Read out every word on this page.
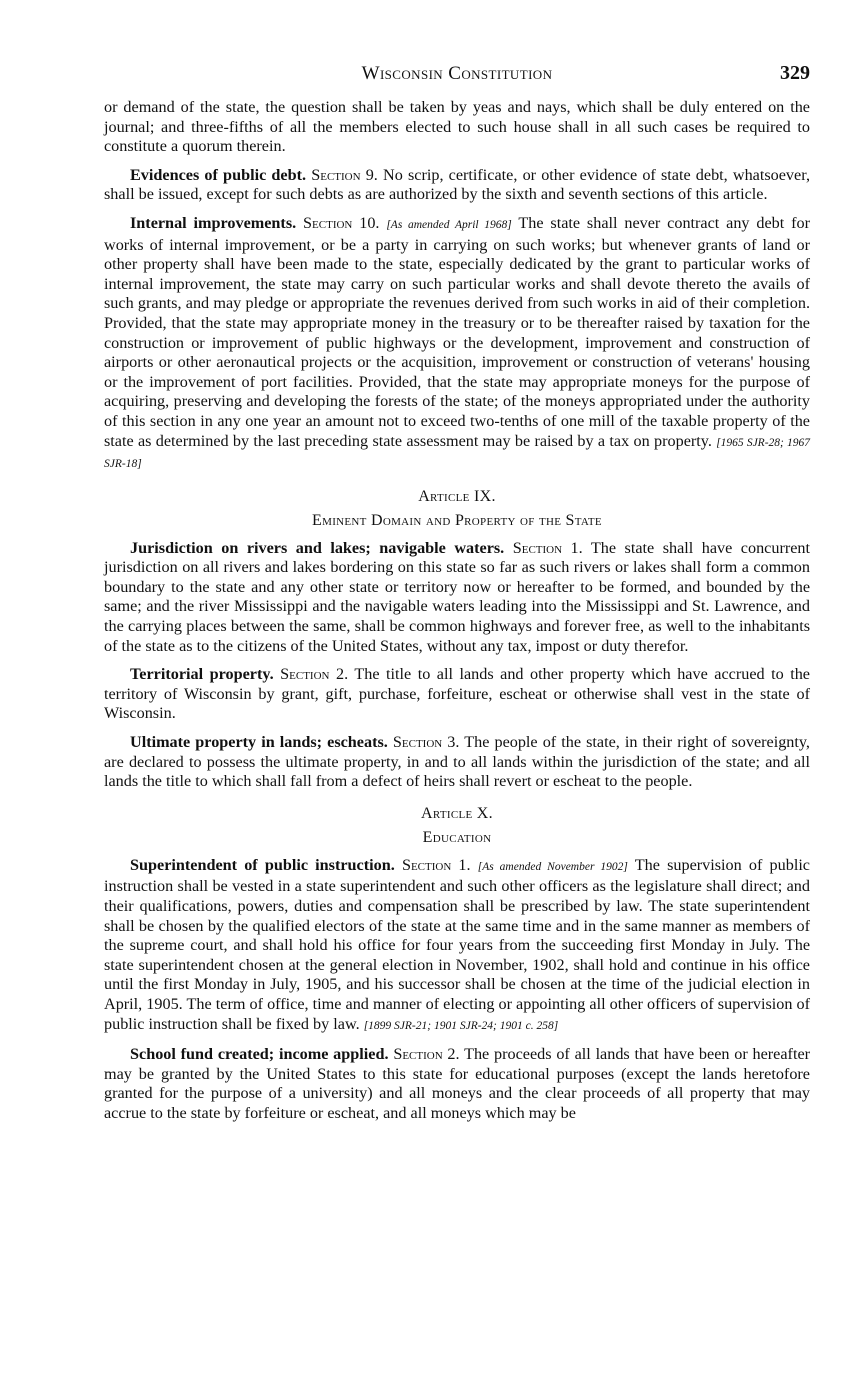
Wisconsin Constitution	329

or demand of the state, the question shall be taken by yeas and nays, which shall be duly entered on the journal; and three-fifths of all the members elected to such house shall in all such cases be required to constitute a quorum therein.

Evidences of public debt. Section 9. No scrip, certificate, or other evidence of state debt, whatsoever, shall be issued, except for such debts as are authorized by the sixth and seventh sections of this article.

Internal improvements. Section 10. [As amended April 1968] The state shall never contract any debt for works of internal improvement, or be a party in carrying on such works; but whenever grants of land or other property shall have been made to the state, especially dedicated by the grant to particular works of internal improvement, the state may carry on such particular works and shall devote thereto the avails of such grants, and may pledge or appropriate the revenues derived from such works in aid of their completion. Provided, that the state may appropriate money in the treasury or to be thereafter raised by taxation for the construction or improvement of public highways or the development, improvement and construction of airports or other aeronautical projects or the acquisition, improvement or construction of veterans' housing or the improvement of port facilities. Provided, that the state may appropriate moneys for the purpose of acquiring, preserving and developing the forests of the state; of the moneys appropriated under the authority of this section in any one year an amount not to exceed two-tenths of one mill of the taxable property of the state as determined by the last preceding state assessment may be raised by a tax on property. [1965 SJR-28; 1967 SJR-18]

Article IX.
Eminent Domain and Property of the State

Jurisdiction on rivers and lakes; navigable waters. Section 1. The state shall have concurrent jurisdiction on all rivers and lakes bordering on this state so far as such rivers or lakes shall form a common boundary to the state and any other state or territory now or hereafter to be formed, and bounded by the same; and the river Mississippi and the navigable waters leading into the Mississippi and St. Lawrence, and the carrying places between the same, shall be common highways and forever free, as well to the inhabitants of the state as to the citizens of the United States, without any tax, impost or duty therefor.

Territorial property. Section 2. The title to all lands and other property which have accrued to the territory of Wisconsin by grant, gift, purchase, forfeiture, escheat or otherwise shall vest in the state of Wisconsin.

Ultimate property in lands; escheats. Section 3. The people of the state, in their right of sovereignty, are declared to possess the ultimate property, in and to all lands within the jurisdiction of the state; and all lands the title to which shall fall from a defect of heirs shall revert or escheat to the people.

Article X.
Education

Superintendent of public instruction. Section 1. [As amended November 1902] The supervision of public instruction shall be vested in a state superintendent and such other officers as the legislature shall direct; and their qualifications, powers, duties and compensation shall be prescribed by law. The state superintendent shall be chosen by the qualified electors of the state at the same time and in the same manner as members of the supreme court, and shall hold his office for four years from the succeeding first Monday in July. The state superintendent chosen at the general election in November, 1902, shall hold and continue in his office until the first Monday in July, 1905, and his successor shall be chosen at the time of the judicial election in April, 1905. The term of office, time and manner of electing or appointing all other officers of supervision of public instruction shall be fixed by law. [1899 SJR-21; 1901 SJR-24; 1901 c. 258]

School fund created; income applied. Section 2. The proceeds of all lands that have been or hereafter may be granted by the United States to this state for educational purposes (except the lands heretofore granted for the purpose of a university) and all moneys and the clear proceeds of all property that may accrue to the state by forfeiture or escheat, and all moneys which may be
